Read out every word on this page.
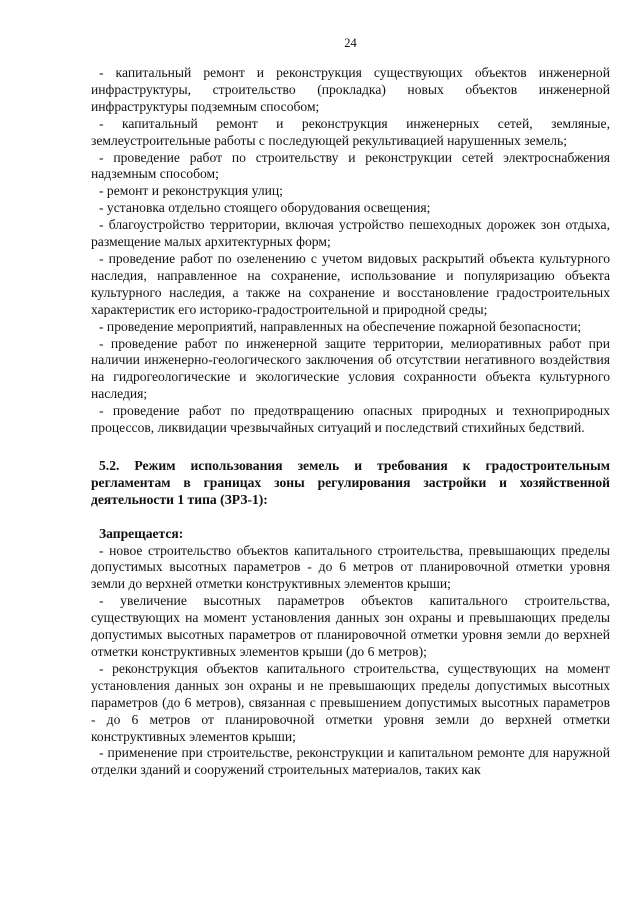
24

- капитальный ремонт и реконструкция существующих объектов инженерной инфраструктуры, строительство (прокладка) новых объектов инженерной инфраструктуры подземным способом;

- капитальный ремонт и реконструкция инженерных сетей, земляные, землеустроительные работы с последующей рекультивацией нарушенных земель;

- проведение работ по строительству и реконструкции сетей электроснабжения надземным способом;

- ремонт и реконструкция улиц;

- установка отдельно стоящего оборудования освещения;

- благоустройство территории, включая устройство пешеходных дорожек зон отдыха, размещение малых архитектурных форм;

- проведение работ по озеленению с учетом видовых раскрытий объекта культурного наследия, направленное на сохранение, использование и популяризацию объекта культурного наследия, а также на сохранение и восстановление градостроительных характеристик его историко-градостроительной и природной среды;

- проведение мероприятий, направленных на обеспечение пожарной безопасности;

- проведение работ по инженерной защите территории, мелиоративных работ при наличии инженерно-геологического заключения об отсутствии негативного воздействия на гидрогеологические и экологические условия сохранности объекта культурного наследия;

- проведение работ по предотвращению опасных природных и техноприродных процессов, ликвидации чрезвычайных ситуаций и последствий стихийных бедствий.

5.2. Режим использования земель и требования к градостроительным регламентам в границах зоны регулирования застройки и хозяйственной деятельности 1 типа (ЗРЗ-1):

Запрещается:

- новое строительство объектов капитального строительства, превышающих пределы допустимых высотных параметров - до 6 метров от планировочной отметки уровня земли до верхней отметки конструктивных элементов крыши;

- увеличение высотных параметров объектов капитального строительства, существующих на момент установления данных зон охраны и превышающих пределы допустимых высотных параметров от планировочной отметки уровня земли до верхней отметки конструктивных элементов крыши (до 6 метров);

- реконструкция объектов капитального строительства, существующих на момент установления данных зон охраны и не превышающих пределы допустимых высотных параметров (до 6 метров), связанная с превышением допустимых высотных параметров - до 6 метров от планировочной отметки уровня земли до верхней отметки конструктивных элементов крыши;

- применение при строительстве, реконструкции и капитальном ремонте для наружной отделки зданий и сооружений строительных материалов, таких как
